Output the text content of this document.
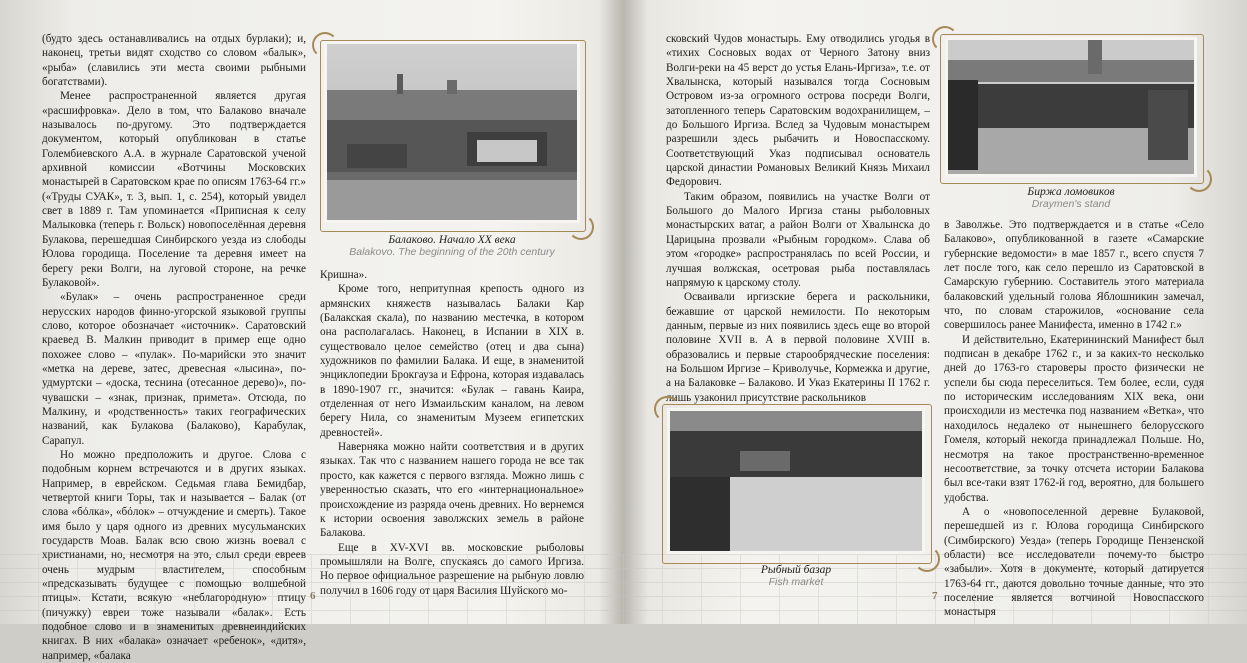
(будто здесь останавливались на отдых бурлаки); и, наконец, третьи видят сходство со словом «балык», «рыба» (славились эти места своими рыбными богатствами).

Менее распространенной является другая «расшифровка». Дело в том, что Балаково вначале называлось по-другому. Это подтверждается документом, который опубликован в статье Голембиевского А.А. в журнале Саратовской ученой архивной комиссии «Вотчины Московских монастырей в Саратовском крае по описям 1763-64 гг.» («Труды СУАК», т. 3, вып. 1, с. 254), который увидел свет в 1889 г. Там упоминается «Приписная к селу Малыковка (теперь г. Вольск) новопоселённая деревня Булакова, перешедшая Синбирского уезда из слободы Юлова городища. Поселение та деревня имеет на берегу реки Волги, на луговой стороне, на речке Булаковой».

«Булак» – очень распространенное среди нерусских народов финно-угорской языковой группы слово, которое обозначает «источник». Саратовский краевед В. Малкин приводит в пример еще одно похожее слово – «пулак». По-марийски это значит «метка на дереве, затес, древесная «лысина», по-удмуртски – «доска, теснина (отесанное дерево)», по-чувашски – «знак, признак, примета». Отсюда, по Малкину, и «родственность» таких географических названий, как Булакова (Балаково), Карабулак, Сарапул.

Но можно предположить и другое. Слова с подобным корнем встречаются и в других языках. Например, в еврейском. Седьмая глава Бемидбар, четвертой книги Торы, так и называется – Балак (от слова «бόлка», «бόлок» – отчуждение и смерть). Такое имя было у царя одного из древних мусульманских государств Моав. Балак всю свою жизнь воевал с христианами, но, несмотря на это, слыл среди евреев очень мудрым властителем, способным «предсказывать будущее с помощью волшебной птицы». Кстати, всякую «неблагородную» птицу (пичужку) евреи тоже называли «балак». Есть подобное слово и в знаменитых древнеиндийских книгах. В них «балака» означает «ребенок», «дитя», например, «балака

Балаково. Начало XX века
Balakovo. The beginning of the 20th century

Кришна».

Кроме того, непритупная крепость одного из армянских княжеств называлась Балаки Кар (Балакская скала), по названию местечка, в котором она располагалась. Наконец, в Испании в XIX в. существовало целое семейство (отец и два сына) художников по фамилии Балака. И еще, в знаменитой энциклопедии Брокгауза и Ефрона, которая издавалась в 1890-1907 гг., значится: «Булак – гавань Каира, отделенная от него Измаильским каналом, на левом берегу Нила, со знаменитым Музеем египетских древностей».

Наверняка можно найти соответствия и в других языках. Так что с названием нашего города не все так просто, как кажется с первого взгляда. Можно лишь с уверенностью сказать, что его «интернациональное» происхождение из разряда очень древних. Но вернемся к истории освоения заволжских земель в районе Балакова.

Еще в XV-XVI вв. московские рыболовы промышляли на Волге, спускаясь до самого Иргиза. Но первое официальное разрешение на рыбную ловлю получил в 1606 году от царя Василия Шуйского мо-

6

сковский Чудов монастырь. Ему отводились угодья в «тихих Сосновых водах от Черного Затону вниз Волги-реки на 45 верст до устья Елань-Иргиза», т.е. от Хвалынска, который назывался тогда Сосновым Островом из-за огромного острова посреди Волги, затопленного теперь Саратовским водохранилищем, – до Большого Иргиза. Вслед за Чудовым монастырем разрешили здесь рыбачить и Новоспасскому. Соответствующий Указ подписывал основатель царской династии Романовых Великий Князь Михаил Федорович.

Таким образом, появились на участке Волги от Большого до Малого Иргиза станы рыболовных монастырских ватаг, а район Волги от Хвалынска до Царицына прозвали «Рыбным городком». Слава об этом «городке» распространялась по всей России, и лучшая волжская, осетровая рыба поставлялась напрямую к царскому столу.

Осваивали иргизские берега и раскольники, бежавшие от царской немилости. По некоторым данным, первые из них появились здесь еще во второй половине XVII в. А в первой половине XVIII в. образовались и первые старообрядческие поселения: на Большом Иргизе – Криволучье, Кормежка и другие, а на Балаковке – Балаково. И Указ Екатерины II 1762 г. лишь узаконил присутствие раскольников

Рыбный базар
Fish market
Биржа ломовиков
Draymen's stand

в Заволжье. Это подтверждается и в статье «Село Балаково», опубликованной в газете «Самарские губернские ведомости» в мае 1857 г., всего спустя 7 лет после того, как село перешло из Саратовской в Самарскую губернию. Составитель этого материала балаковский удельный голова Яблошникин замечал, что, по словам старожилов, «основание села совершилось ранее Манифеста, именно в 1742 г.»

И действительно, Екатерининский Манифест был подписан в декабре 1762 г., и за каких-то несколько дней до 1763-го староверы просто физически не успели бы сюда переселиться. Тем более, если, судя по историческим исследованиям XIX века, они происходили из местечка под названием «Ветка», что находилось недалеко от нынешнего белорусского Гомеля, который некогда принадлежал Польше. Но, несмотря на такое пространственно-временное несоответствие, за точку отсчета истории Балакова был все-таки взят 1762-й год, вероятно, для большего удобства.

А о «новопоселенной деревне Булаковой, перешедшей из г. Юлова городища Синбирского (Симбирского) Уезда» (теперь Городище Пензенской области) все исследователи почему-то быстро «забыли». Хотя в документе, который датируется 1763-64 гг., даются довольно точные данные, что это поселение является вотчиной Новоспасского монастыря

7
